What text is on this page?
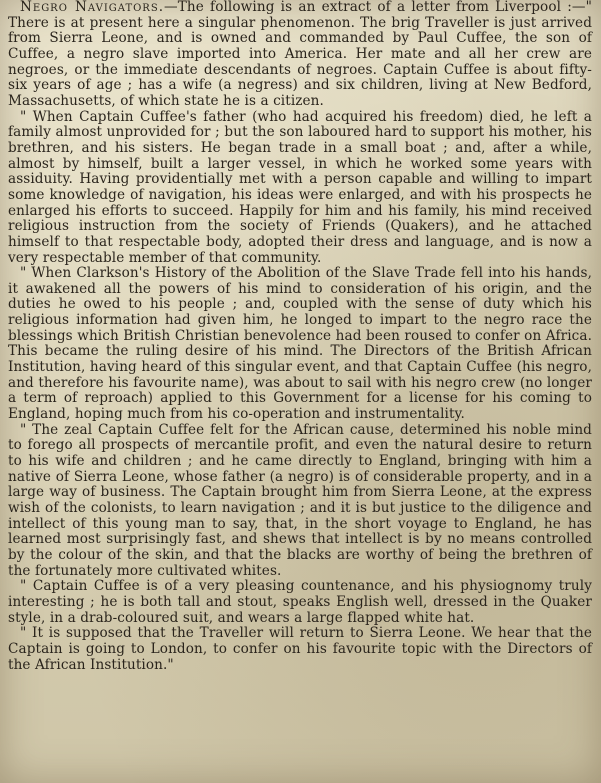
Negro Navigators.—The following is an extract of a letter from Liverpool :—" There is at present here a singular phenomenon. The brig Traveller is just arrived from Sierra Leone, and is owned and commanded by Paul Cuffee, the son of Cuffee, a negro slave imported into America. Her mate and all her crew are negroes, or the immediate descendants of negroes. Captain Cuffee is about fifty-six years of age ; has a wife (a negress) and six children, living at New Bedford, Massachusetts, of which state he is a citizen.

" When Captain Cuffee's father (who had acquired his freedom) died, he left a family almost unprovided for ; but the son laboured hard to support his mother, his brethren, and his sisters. He began trade in a small boat ; and, after a while, almost by himself, built a larger vessel, in which he worked some years with assiduity. Having providentially met with a person capable and willing to impart some knowledge of navigation, his ideas were enlarged, and with his prospects he enlarged his efforts to succeed. Happily for him and his family, his mind received religious instruction from the society of Friends (Quakers), and he attached himself to that respectable body, adopted their dress and language, and is now a very respectable member of that community.

" When Clarkson's History of the Abolition of the Slave Trade fell into his hands, it awakened all the powers of his mind to consideration of his origin, and the duties he owed to his people ; and, coupled with the sense of duty which his religious information had given him, he longed to impart to the negro race the blessings which British Christian benevolence had been roused to confer on Africa. This became the ruling desire of his mind. The Directors of the British African Institution, having heard of this singular event, and that Captain Cuffee (his negro, and therefore his favourite name), was about to sail with his negro crew (no longer a term of reproach) applied to this Government for a license for his coming to England, hoping much from his co-operation and instrumentality.

" The zeal Captain Cuffee felt for the African cause, determined his noble mind to forego all prospects of mercantile profit, and even the natural desire to return to his wife and children ; and he came directly to England, bringing with him a native of Sierra Leone, whose father (a negro) is of considerable property, and in a large way of business. The Captain brought him from Sierra Leone, at the express wish of the colonists, to learn navigation ; and it is but justice to the diligence and intellect of this young man to say, that, in the short voyage to England, he has learned most surprisingly fast, and shews that intellect is by no means controlled by the colour of the skin, and that the blacks are worthy of being the brethren of the fortunately more cultivated whites.

" Captain Cuffee is of a very pleasing countenance, and his physiognomy truly interesting ; he is both tall and stout, speaks English well, dressed in the Quaker style, in a drab-coloured suit, and wears a large flapped white hat.

" It is supposed that the Traveller will return to Sierra Leone. We hear that the Captain is going to London, to confer on his favourite topic with the Directors of the African Institution."
